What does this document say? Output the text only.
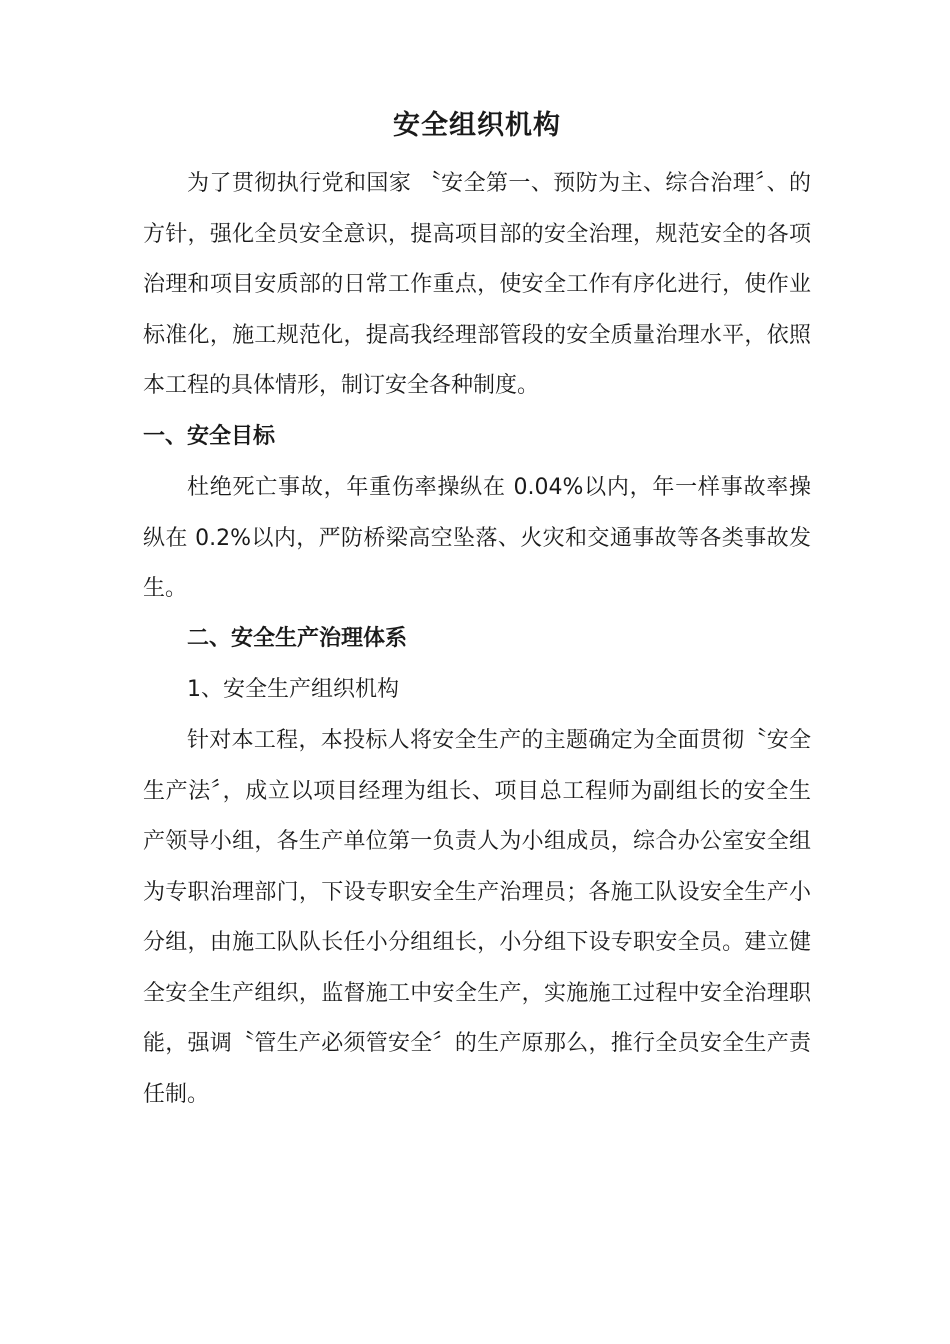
安全组织机构

为了贯彻执行党和国家 〝安全第一、预防为主、综合治理〞、的方针，强化全员安全意识，提高项目部的安全治理，规范安全的各项治理和项目安质部的日常工作重点，使安全工作有序化进行，使作业标准化，施工规范化，提高我经理部管段的安全质量治理水平，依照本工程的具体情形，制订安全各种制度。

一、安全目标

杜绝死亡事故，年重伤率操纵在 0.04%以内，年一样事故率操纵在 0.2%以内，严防桥梁高空坠落、火灾和交通事故等各类事故发生。

二、安全生产治理体系

1、安全生产组织机构

针对本工程，本投标人将安全生产的主题确定为全面贯彻〝安全生产法〞，成立以项目经理为组长、项目总工程师为副组长的安全生产领导小组，各生产单位第一负责人为小组成员，综合办公室安全组为专职治理部门，下设专职安全生产治理员；各施工队设安全生产小分组，由施工队队长任小分组组长，小分组下设专职安全员。建立健全安全生产组织，监督施工中安全生产，实施施工过程中安全治理职能，强调〝管生产必须管安全〞的生产原那么，推行全员安全生产责任制。
